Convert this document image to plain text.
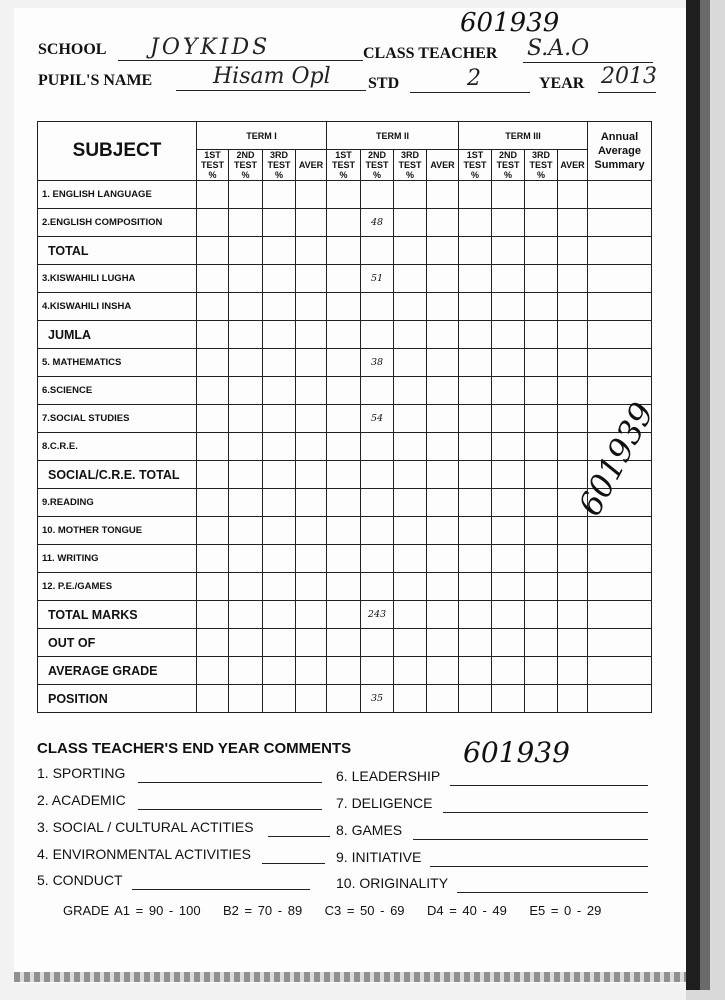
601939
SCHOOL JOYKIDS	CLASS TEACHER S.A.O
PUPIL'S NAME	Hisam Opl STD	2	YEAR 2013
SUBJECT	TERM I				TERM II				TERM III				Annual
Average
Summary
	1ST
TEST
%	2ND
TEST
%	3RD
TEST
%	AVER	1ST
TEST
%	2ND
TEST
%	3RD
TEST
%	AVER	1ST
TEST
%	2ND
TEST
%	3RD
TEST
%	AVER	
1. ENGLISH LANGUAGE													
2.ENGLISH COMPOSITION						48							
TOTAL													
3.KISWAHILI LUGHA						51							
4.KISWAHILI INSHA													
JUMLA													
5. MATHEMATICS						38							
6.SCIENCE													
7.SOCIAL STUDIES						54							
8.C.R.E.													
SOCIAL/C.R.E. TOTAL													
9.READING													
10. MOTHER TONGUE													
11. WRITING													
12. P.E./GAMES													
TOTAL MARKS						243							
OUT OF													
AVERAGE GRADE													
POSITION						35							
601939
CLASS TEACHER'S END YEAR COMMENTS	601939
1. SPORTING
2. ACADEMIC
3. SOCIAL / CULTURAL ACTITIES
4. ENVIRONMENTAL ACTIVITIES
5. CONDUCT
6. LEADERSHIP
7. DELIGENCE
8. GAMES
9. INITIATIVE
10. ORIGINALITY
GRADE A1 = 90 - 100    B2 = 70 - 89    C3 = 50 - 69    D4 = 40 - 49    E5 = 0 - 29
